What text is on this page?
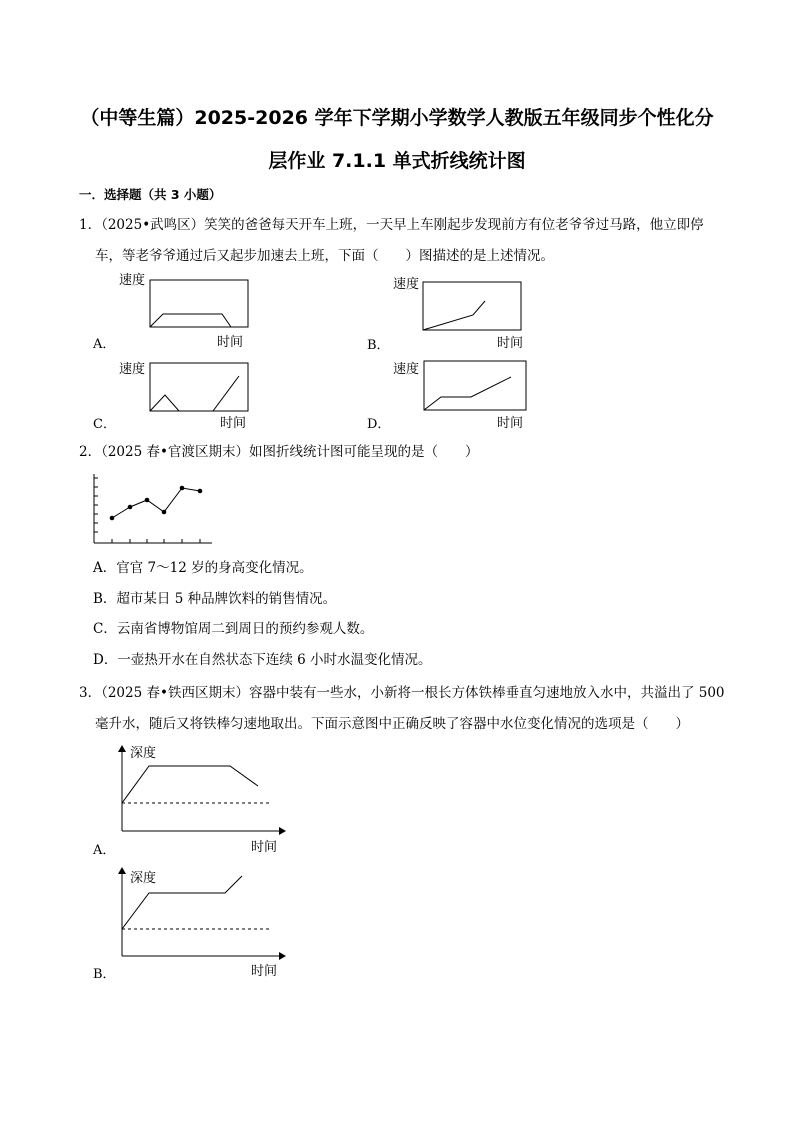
（中等生篇）2025-2026 学年下学期小学数学人教版五年级同步个性化分
层作业 7.1.1 单式折线统计图
一．选择题（共 3 小题）
1．（2025•武鸣区）笑笑的爸爸每天开车上班，一天早上车刚起步发现前方有位老爷爷过马路，他立即停
车，等老爷爷通过后又起步加速去上班，下面（　　）图描述的是上述情况。
速度
时间
A．
速度
时间
B．
速度
时间
C．
速度
时间
D．
2．（2025 春•官渡区期末）如图折线统计图可能呈现的是（　　）
A．官官 7～12 岁的身高变化情况。
B．超市某日 5 种品牌饮料的销售情况。
C．云南省博物馆周二到周日的预约参观人数。
D．一壶热开水在自然状态下连续 6 小时水温变化情况。
3．（2025 春•铁西区期末）容器中装有一些水，小新将一根长方体铁棒垂直匀速地放入水中，共溢出了 500
毫升水，随后又将铁棒匀速地取出。下面示意图中正确反映了容器中水位变化情况的选项是（　　）
深度
时间
A．
深度
时间
B．
